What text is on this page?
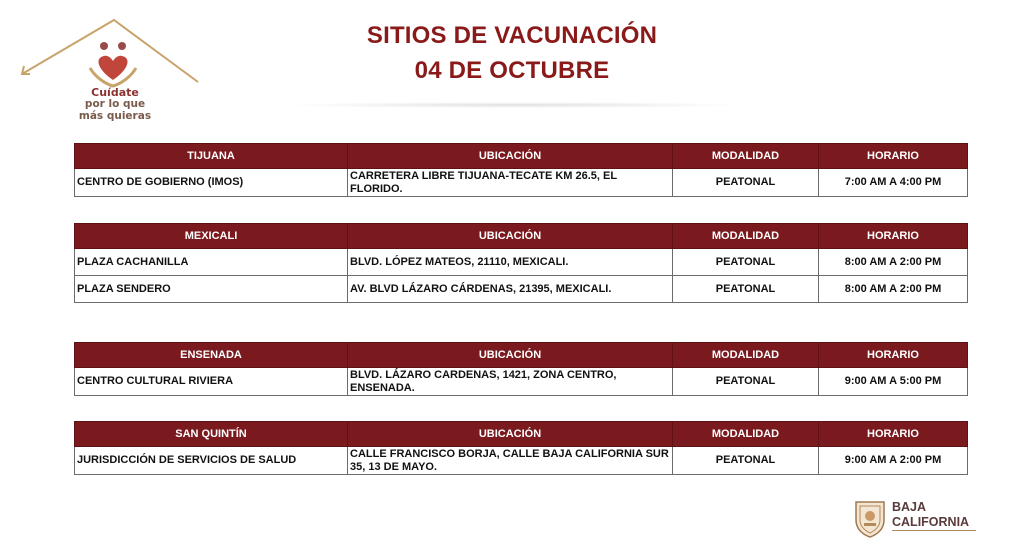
Cuídate
por lo que
más quieras
SITIOS DE VACUNACIÓN
04 DE OCTUBRE
TIJUANA	UBICACIÓN	MODALIDAD	HORARIO
CENTRO DE GOBIERNO (IMOS)	CARRETERA LIBRE TIJUANA-TECATE KM 26.5, EL FLORIDO.	PEATONAL	7:00 AM A 4:00 PM
MEXICALI	UBICACIÓN	MODALIDAD	HORARIO
PLAZA CACHANILLA	BLVD. LÓPEZ MATEOS, 21110, MEXICALI.	PEATONAL	8:00 AM A 2:00 PM
PLAZA SENDERO	AV. BLVD LÁZARO CÁRDENAS, 21395, MEXICALI.	PEATONAL	8:00 AM A 2:00 PM
ENSENADA	UBICACIÓN	MODALIDAD	HORARIO
CENTRO CULTURAL RIVIERA	BLVD. LÁZARO CARDENAS, 1421, ZONA CENTRO, ENSENADA.	PEATONAL	9:00 AM A 5:00 PM
SAN QUINTÍN	UBICACIÓN	MODALIDAD	HORARIO
JURISDICCIÓN DE SERVICIOS DE SALUD	CALLE FRANCISCO BORJA, CALLE BAJA CALIFORNIA SUR 35, 13 DE MAYO.	PEATONAL	9:00 AM A 2:00 PM
BAJA
CALIFORNIA
